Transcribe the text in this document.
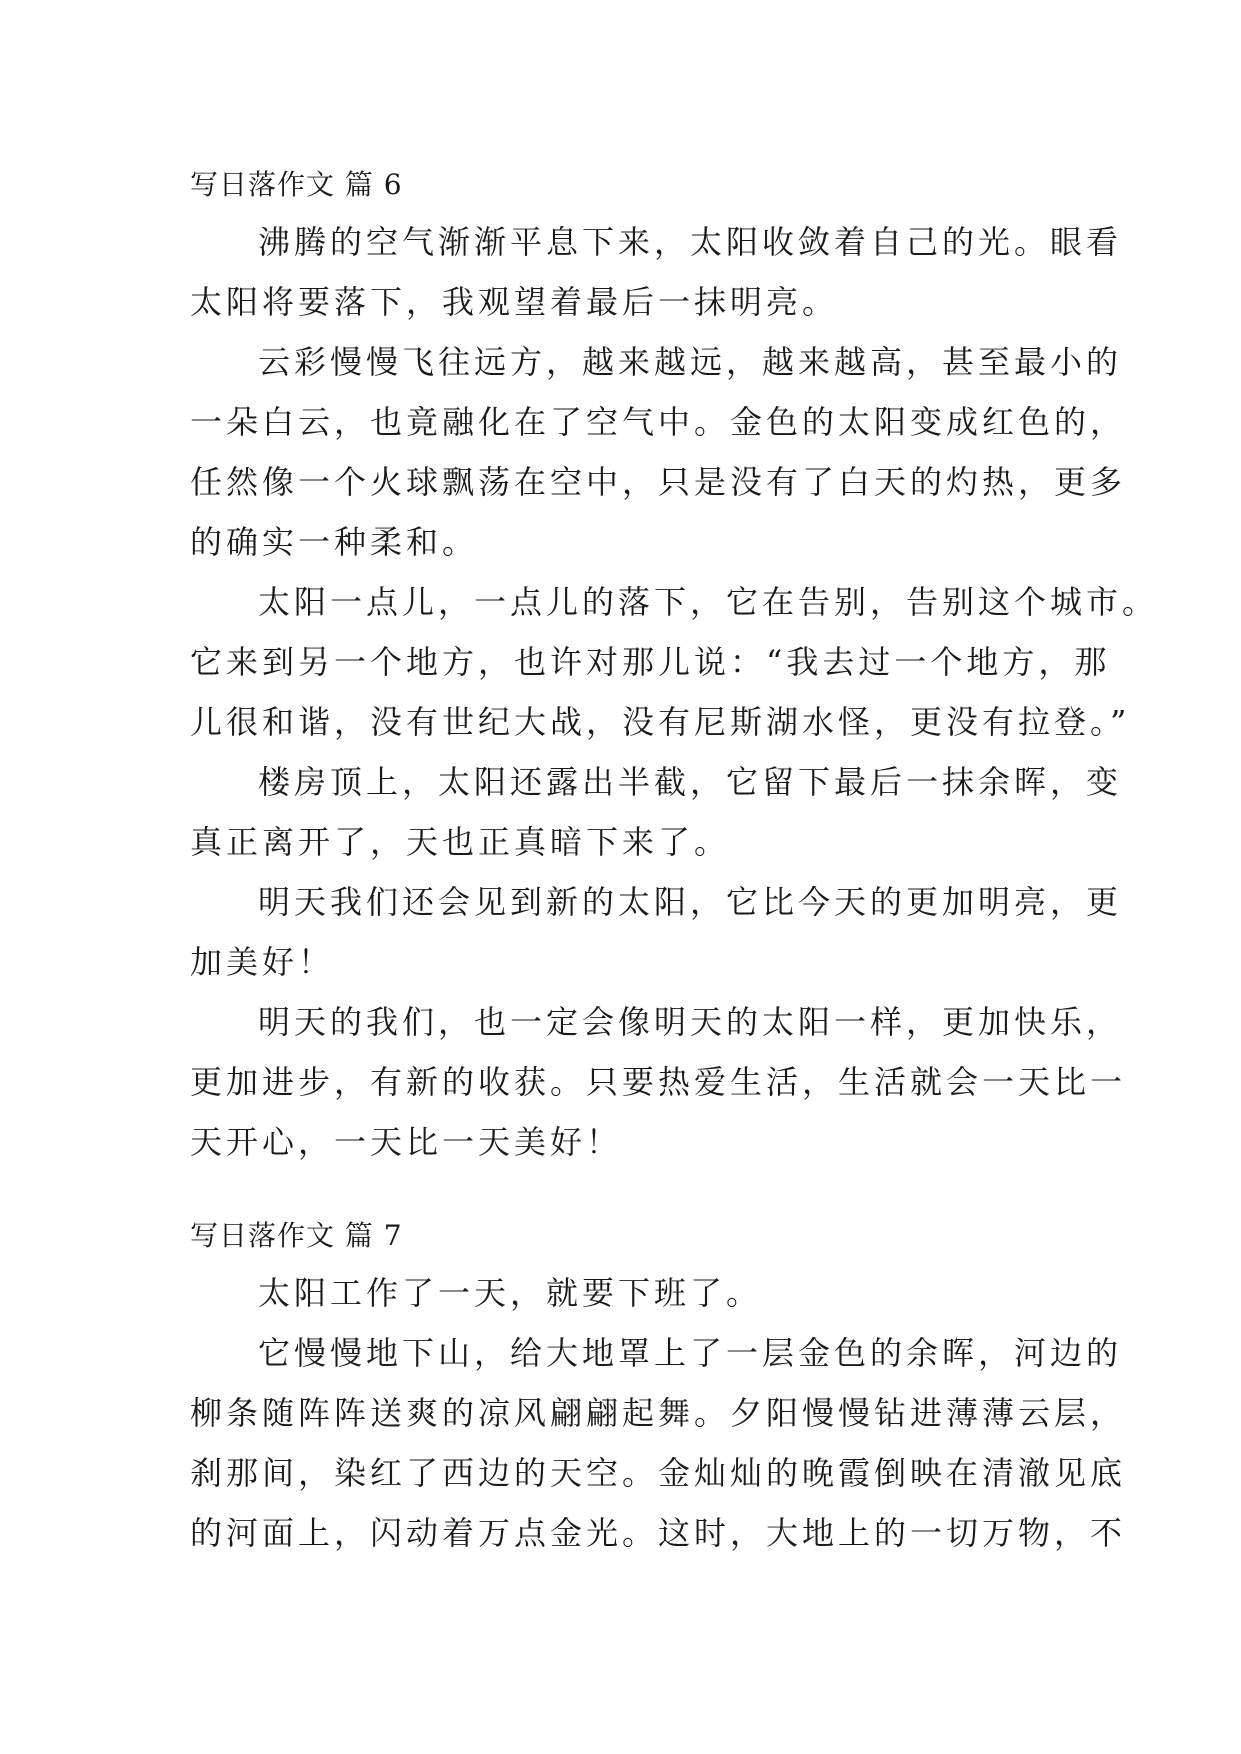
写日落作文 篇 6
沸腾的空气渐渐平息下来，太阳收敛着自己的光。眼看
太阳将要落下，我观望着最后一抹明亮。
云彩慢慢飞往远方，越来越远，越来越高，甚至最小的
一朵白云，也竟融化在了空气中。金色的太阳变成红色的，
任然像一个火球飘荡在空中，只是没有了白天的灼热，更多
的确实一种柔和。
太阳一点儿，一点儿的落下，它在告别，告别这个城市。
它来到另一个地方，也许对那儿说：“我去过一个地方，那
儿很和谐，没有世纪大战，没有尼斯湖水怪，更没有拉登。”
楼房顶上，太阳还露出半截，它留下最后一抹余晖，变
真正离开了，天也正真暗下来了。
明天我们还会见到新的太阳，它比今天的更加明亮，更
加美好！
明天的我们，也一定会像明天的太阳一样，更加快乐，
更加进步，有新的收获。只要热爱生活，生活就会一天比一
天开心，一天比一天美好！
写日落作文 篇 7
太阳工作了一天，就要下班了。
它慢慢地下山，给大地罩上了一层金色的余晖，河边的
柳条随阵阵送爽的凉风翩翩起舞。夕阳慢慢钻进薄薄云层，
刹那间，染红了西边的天空。金灿灿的晚霞倒映在清澈见底
的河面上，闪动着万点金光。这时，大地上的一切万物，不
